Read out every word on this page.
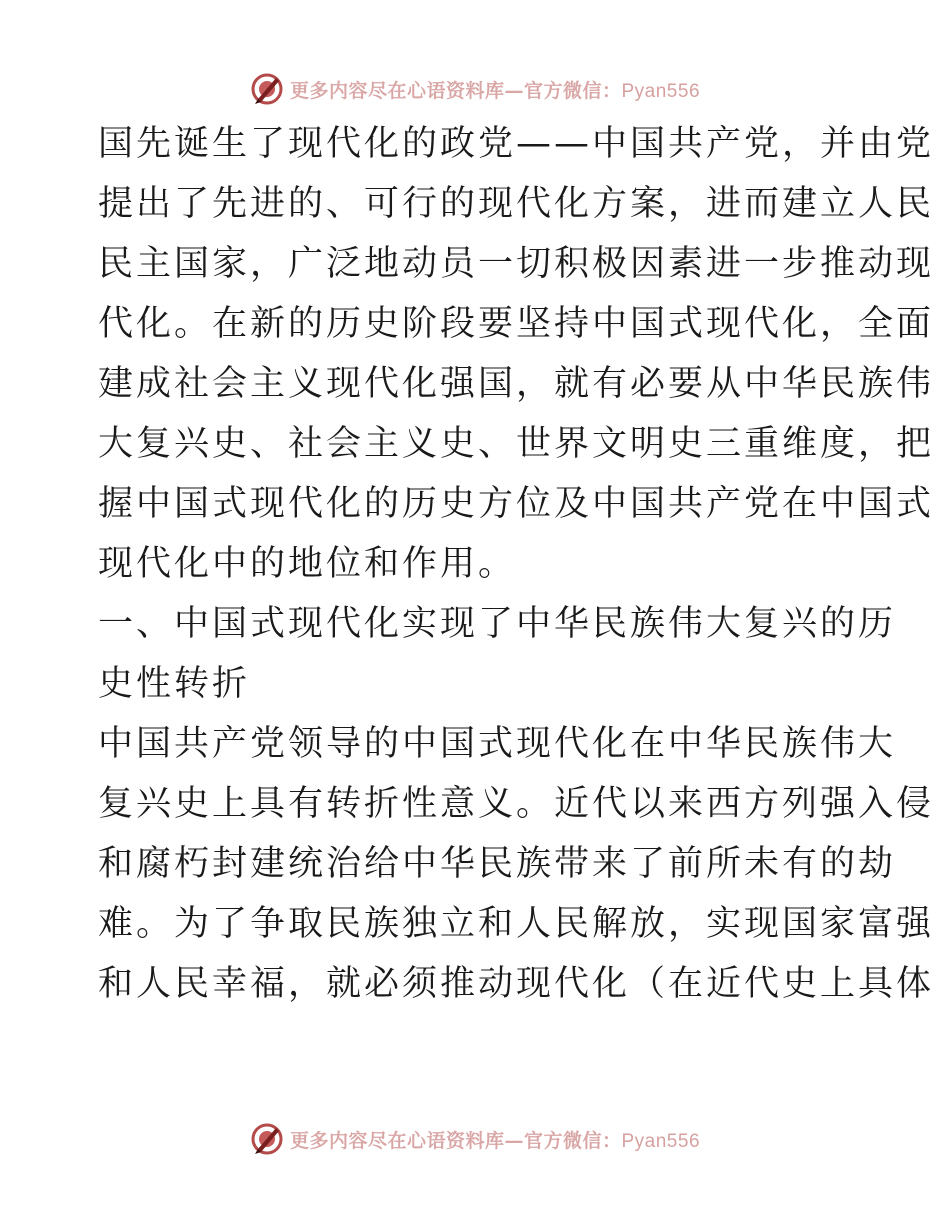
更多内容尽在心语资料库—官方微信：Pyan556
国先诞生了现代化的政党——中国共产党，并由党
提出了先进的、可行的现代化方案，进而建立人民
民主国家，广泛地动员一切积极因素进一步推动现
代化。在新的历史阶段要坚持中国式现代化，全面
建成社会主义现代化强国，就有必要从中华民族伟
大复兴史、社会主义史、世界文明史三重维度，把
握中国式现代化的历史方位及中国共产党在中国式
现代化中的地位和作用。
一、中国式现代化实现了中华民族伟大复兴的历
史性转折
中国共产党领导的中国式现代化在中华民族伟大
复兴史上具有转折性意义。近代以来西方列强入侵
和腐朽封建统治给中华民族带来了前所未有的劫
难。为了争取民族独立和人民解放，实现国家富强
和人民幸福，就必须推动现代化（在近代史上具体
更多内容尽在心语资料库—官方微信：Pyan556
